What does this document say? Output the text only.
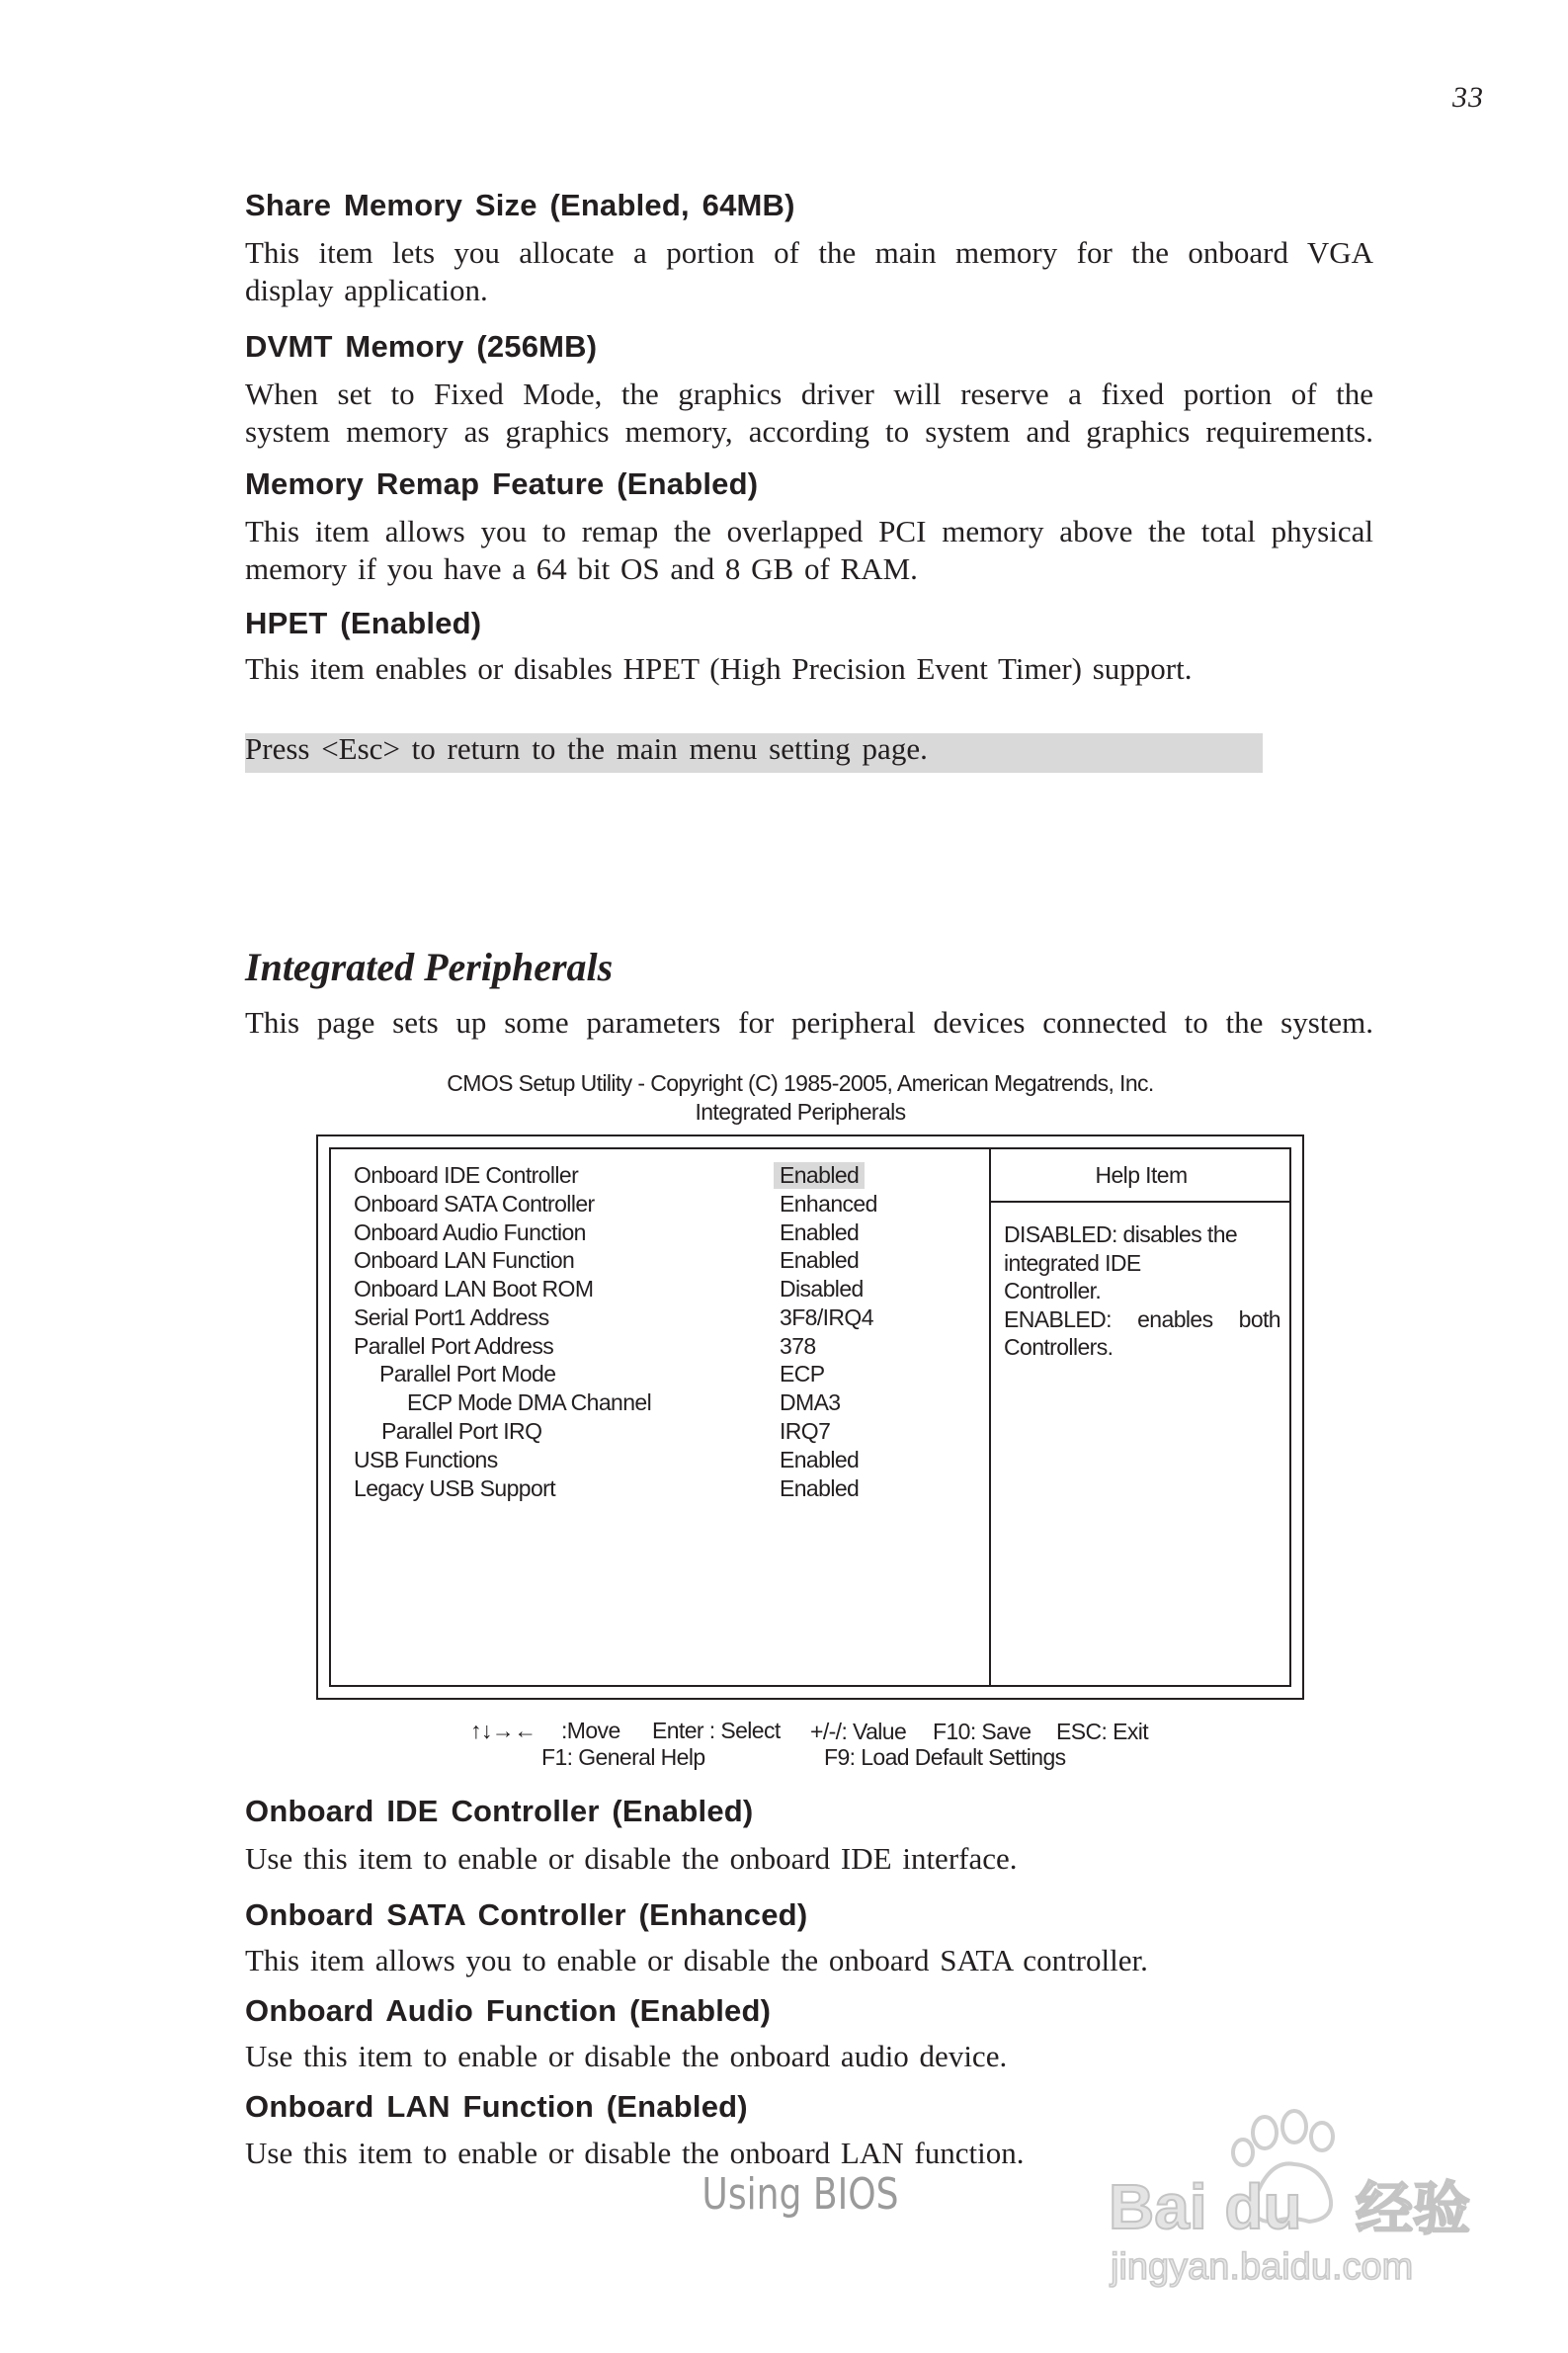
33
Share Memory Size (Enabled, 64MB)

This item lets you allocate a portion of the main memory for the onboard VGA

display application.

DVMT Memory (256MB)

When set to Fixed Mode, the graphics driver will reserve a fixed portion of the

system memory as graphics memory, according to system and graphics requirements.

Memory Remap Feature (Enabled)

This item allows you to remap the overlapped PCI memory above the total physical

memory if you have a 64 bit OS and 8 GB of RAM.

HPET (Enabled)

This item enables or disables HPET (High Precision Event Timer) support.

Press <Esc> to return to the main menu setting page.
Integrated Peripherals

This page sets up some parameters for peripheral devices connected to the system.

CMOS Setup Utility - Copyright (C) 1985-2005, American Megatrends, Inc.
Integrated Peripherals
Help Item
DISABLED: disables the
integrated IDE
Controller.
ENABLED: enables both
Controllers.
Onboard IDE Controller	Enabled
Onboard SATA Controller	Enhanced
Onboard Audio Function	Enabled
Onboard LAN Function	Enabled
Onboard LAN Boot ROM	Disabled
Serial Port1 Address	3F8/IRQ4
Parallel Port Address	378
Parallel Port Mode	ECP
ECP Mode DMA Channel	DMA3
Parallel Port IRQ	IRQ7
USB Functions	Enabled
Legacy USB Support	Enabled
↑↓→← :Move Enter : Select +/-/: Value F10: Save ESC: Exit
F1: General Help	F9: Load Default Settings
Onboard IDE Controller (Enabled)

Use this item to enable or disable the onboard IDE interface.

Onboard SATA Controller (Enhanced)

This item allows you to enable or disable the onboard SATA controller.

Onboard Audio Function (Enabled)

Use this item to enable or disable the onboard audio device.

Onboard LAN Function (Enabled)

Use this item to enable or disable the onboard LAN function.

Using BIOS	Bai du 经验
jingyan.baidu.com
